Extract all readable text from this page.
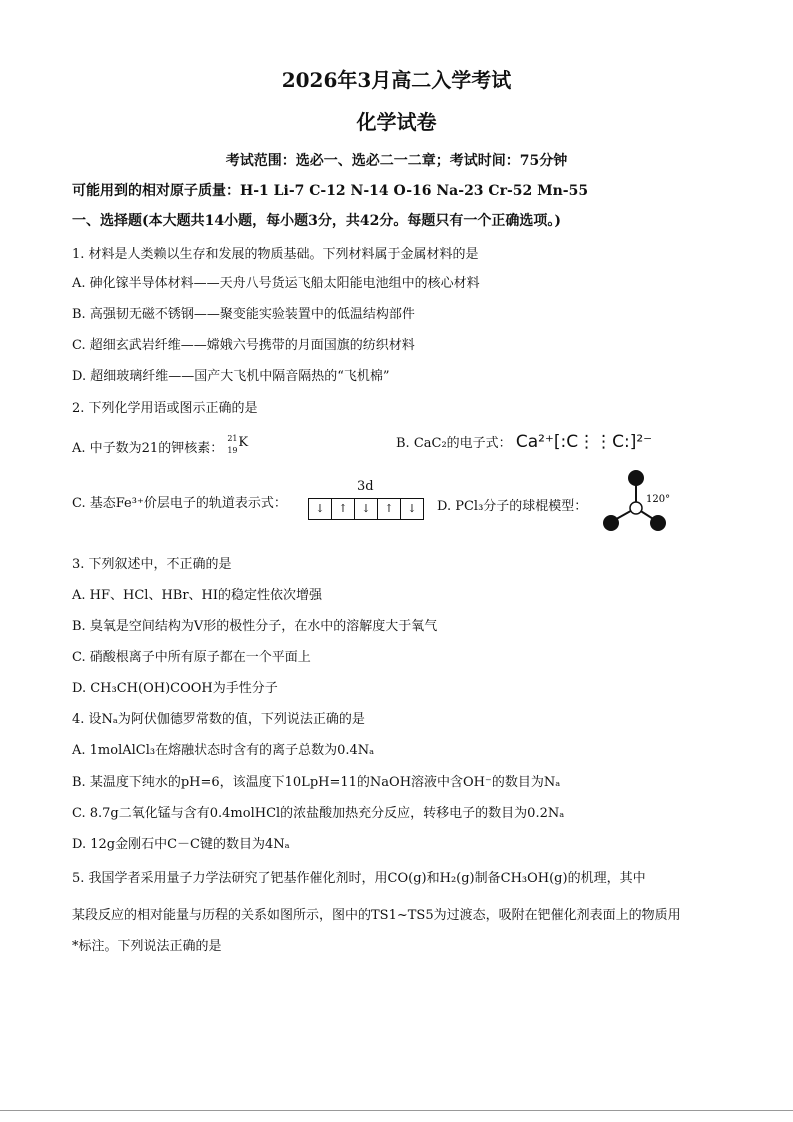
2026年3月高二入学考试
化学试卷
考试范围：选必一、选必二一二章；考试时间：75分钟
可能用到的相对原子质量：H-1 Li-7 C-12 N-14 O-16 Na-23 Cr-52 Mn-55
一、选择题(本大题共14小题，每小题3分，共42分。每题只有一个正确选项。)
1. 材料是人类赖以生存和发展的物质基础。下列材料属于金属材料的是
A. 砷化镓半导体材料——天舟八号货运飞船太阳能电池组中的核心材料
B. 高强韧无磁不锈钢——聚变能实验装置中的低温结构部件
C. 超细玄武岩纤维——嫦娥六号携带的月面国旗的纺织材料
D. 超细玻璃纤维——国产大飞机中隔音隔热的“飞机棉”
2. 下列化学用语或图示正确的是
A. 中子数为21的钾核素：
21
19
K	B. CaC₂的电子式： Ca²⁺[:C⋮⋮C:]²⁻
C. 基态Fe³⁺价层电子的轨道表示式：
3d
↓	↑	↓	↑	↓	D. PCl₃分子的球棍模型：	120°
3. 下列叙述中，不正确的是
A. HF、HCl、HBr、HI的稳定性依次增强
B. 臭氧是空间结构为V形的极性分子，在水中的溶解度大于氧气
C. 硝酸根离子中所有原子都在一个平面上
D. CH₃CH(OH)COOH为手性分子
4. 设Nₐ为阿伏伽德罗常数的值，下列说法正确的是
A. 1molAlCl₃在熔融状态时含有的离子总数为0.4Nₐ
B. 某温度下纯水的pH=6，该温度下10LpH=11的NaOH溶液中含OH⁻的数目为Nₐ
C. 8.7g二氧化锰与含有0.4molHCl的浓盐酸加热充分反应，转移电子的数目为0.2Nₐ
D. 12g金刚石中C－C键的数目为4Nₐ
5. 我国学者采用量子力学法研究了钯基作催化剂时，用CO(g)和H₂(g)制备CH₃OH(g)的机理，其中
某段反应的相对能量与历程的关系如图所示，图中的TS1~TS5为过渡态，吸附在钯催化剂表面上的物质用
*标注。下列说法正确的是
